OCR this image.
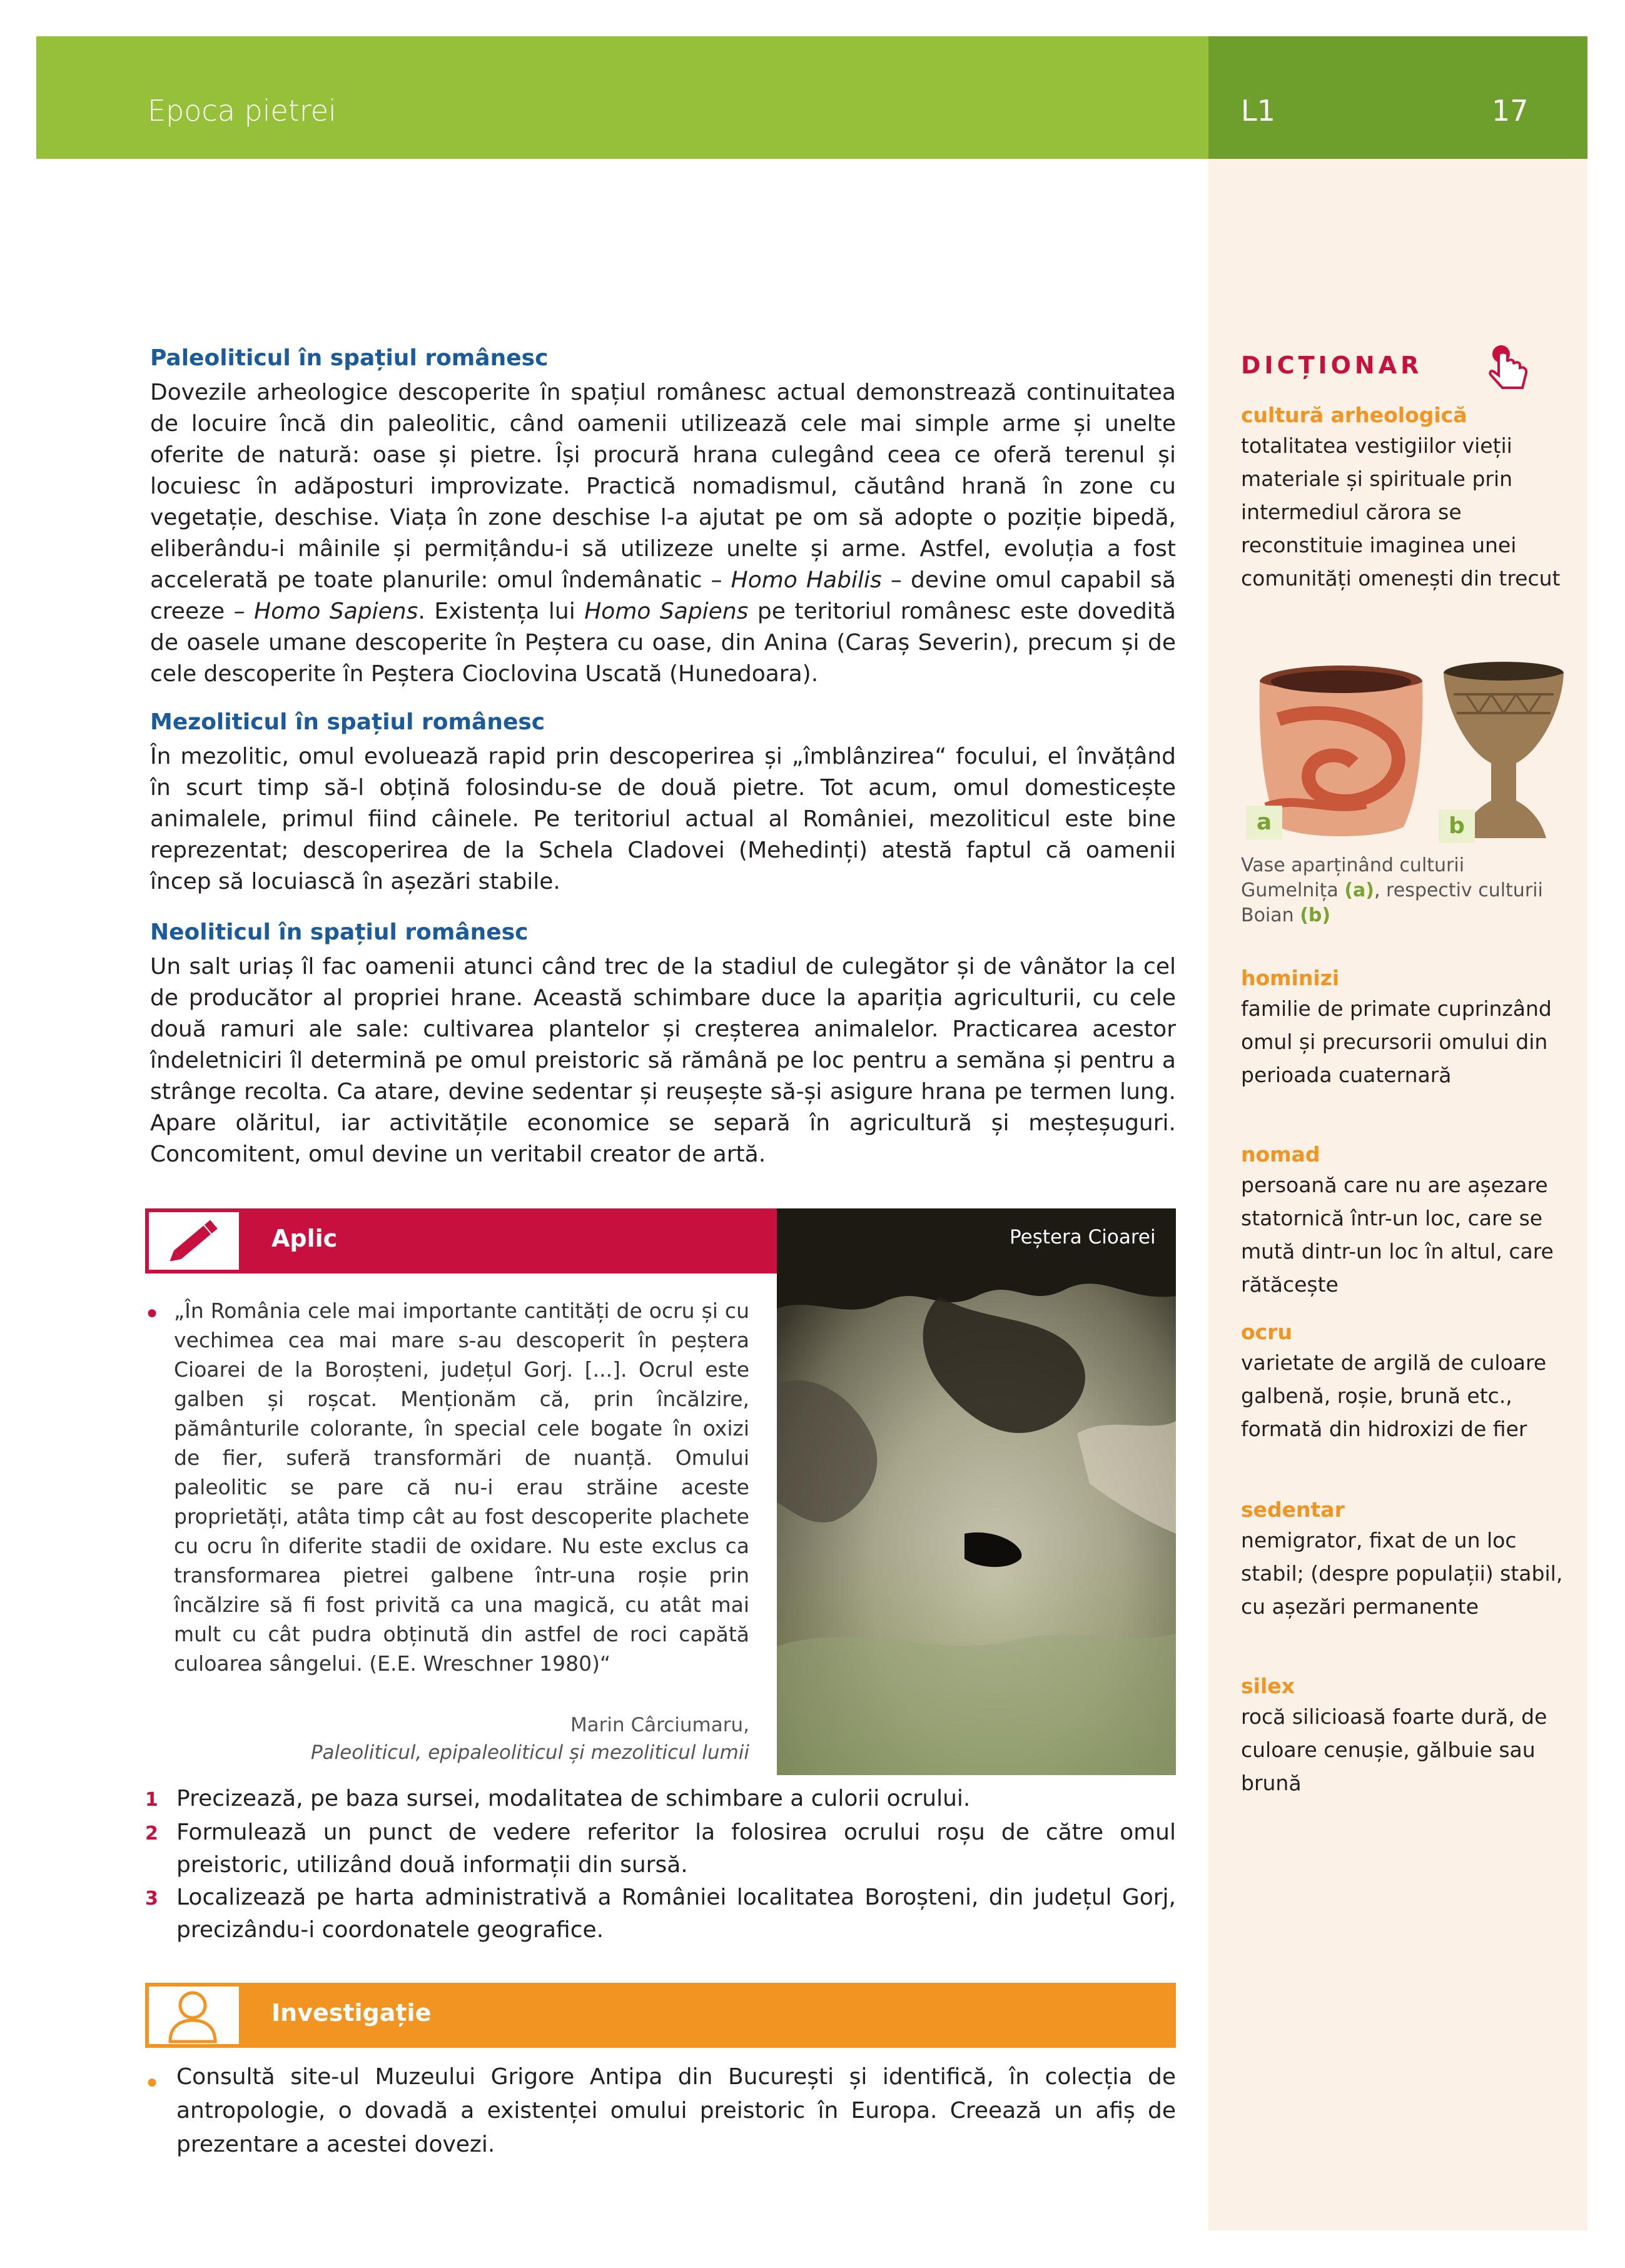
Epoca pietrei	L1	17
Paleoliticul în spațiul românesc

Dovezile arheologice descoperite în spațiul românesc actual demonstrează continuitatea de locuire încă din paleolitic, când oamenii utilizează cele mai simple arme și unelte oferite de natură: oase și pietre. Își procură hrana culegând ceea ce oferă terenul și locuiesc în adăposturi improvizate. Practică nomadismul, căutând hrană în zone cu vegetație, deschise. Viața în zone deschise l-a ajutat pe om să adopte o poziție bipedă, eliberându-i mâinile și permițându-i să utilizeze unelte și arme. Astfel, evoluția a fost accelerată pe toate planurile: omul îndemânatic – Homo Habilis – devine omul capabil să creeze – Homo Sapiens. Existența lui Homo Sapiens pe teritoriul românesc este dovedită de oasele umane descoperite în Peștera cu oase, din Anina (Caraș Severin), precum și de cele descoperite în Peștera Cioclovina Uscată (Hunedoara).

Mezoliticul în spațiul românesc

În mezolitic, omul evoluează rapid prin descoperirea și „îmblânzirea“ focului, el învățând în scurt timp să-l obțină folosindu-se de două pietre. Tot acum, omul domesticește animalele, primul fiind câinele. Pe teritoriul actual al României, mezoliticul este bine reprezentat; descoperirea de la Schela Cladovei (Mehedinți) atestă faptul că oamenii încep să locuiască în așezări stabile.

Neoliticul în spațiul românesc

Un salt uriaș îl fac oamenii atunci când trec de la stadiul de culegător și de vânător la cel de producător al propriei hrane. Această schimbare duce la apariția agriculturii, cu cele două ramuri ale sale: cultivarea plantelor și creșterea animalelor. Practicarea acestor îndeletniciri îl determină pe omul preistoric să rămână pe loc pentru a semăna și pentru a strânge recolta. Ca atare, devine sedentar și reușește să-și asigure hrana pe termen lung. Apare olăritul, iar activitățile economice se separă în agricultură și meșteșuguri. Concomitent, omul devine un veritabil creator de artă.

Aplic	Peștera Cioarei
● „În România cele mai importante cantități de ocru și cu vechimea cea mai mare s-au descoperit în peștera Cioarei de la Boroșteni, județul Gorj. [...]. Ocrul este galben și roșcat. Menționăm că, prin încălzire, pământurile colorante, în special cele bogate în oxizi de fier, suferă transformări de nuanță. Omului paleolitic se pare că nu-i erau străine aceste proprietăți, atâta timp cât au fost descoperite plachete cu ocru în diferite stadii de oxidare. Nu este exclus ca transformarea pietrei galbene într-una roșie prin încălzire să fi fost privită ca una magică, cu atât mai mult cu cât pudra obținută din astfel de roci capătă culoarea sângelui. (E.E. Wreschner 1980)“

Marin Cârciumaru,
Paleoliticul, epipaleoliticul și mezoliticul lumii
1 Precizează, pe baza sursei, modalitatea de schimbare a culorii ocrului.

2 Formulează un punct de vedere referitor la folosirea ocrului roșu de către omul preistoric, utilizând două informații din sursă.

3 Localizează pe harta administrativă a României localitatea Boroșteni, din județul Gorj, precizându-i coordonatele geografice.

Investigație
● Consultă site-ul Muzeului Grigore Antipa din București și identifică, în colecția de antropologie, o dovadă a existenței omului preistoric în Europa. Creează un afiș de prezentare a acestei dovezi.

DICȚIONAR
cultură arheologică

totalitatea vestigiilor vieții materiale și spirituale prin intermediul cărora se reconstituie imaginea unei comunități omenești din trecut

a	b

Vase aparținând culturii Gumelnița (a), respectiv culturii Boian (b)

hominizi

familie de primate cuprinzând omul și precursorii omului din perioada cuaternară

nomad

persoană care nu are așezare statornică într-un loc, care se mută dintr-un loc în altul, care rătăcește

ocru

varietate de argilă de culoare galbenă, roșie, brună etc., formată din hidroxizi de fier

sedentar

nemigrator, fixat de un loc stabil; (despre populații) stabil, cu așezări permanente

silex

rocă silicioasă foarte dură, de culoare cenușie, gălbuie sau brună
